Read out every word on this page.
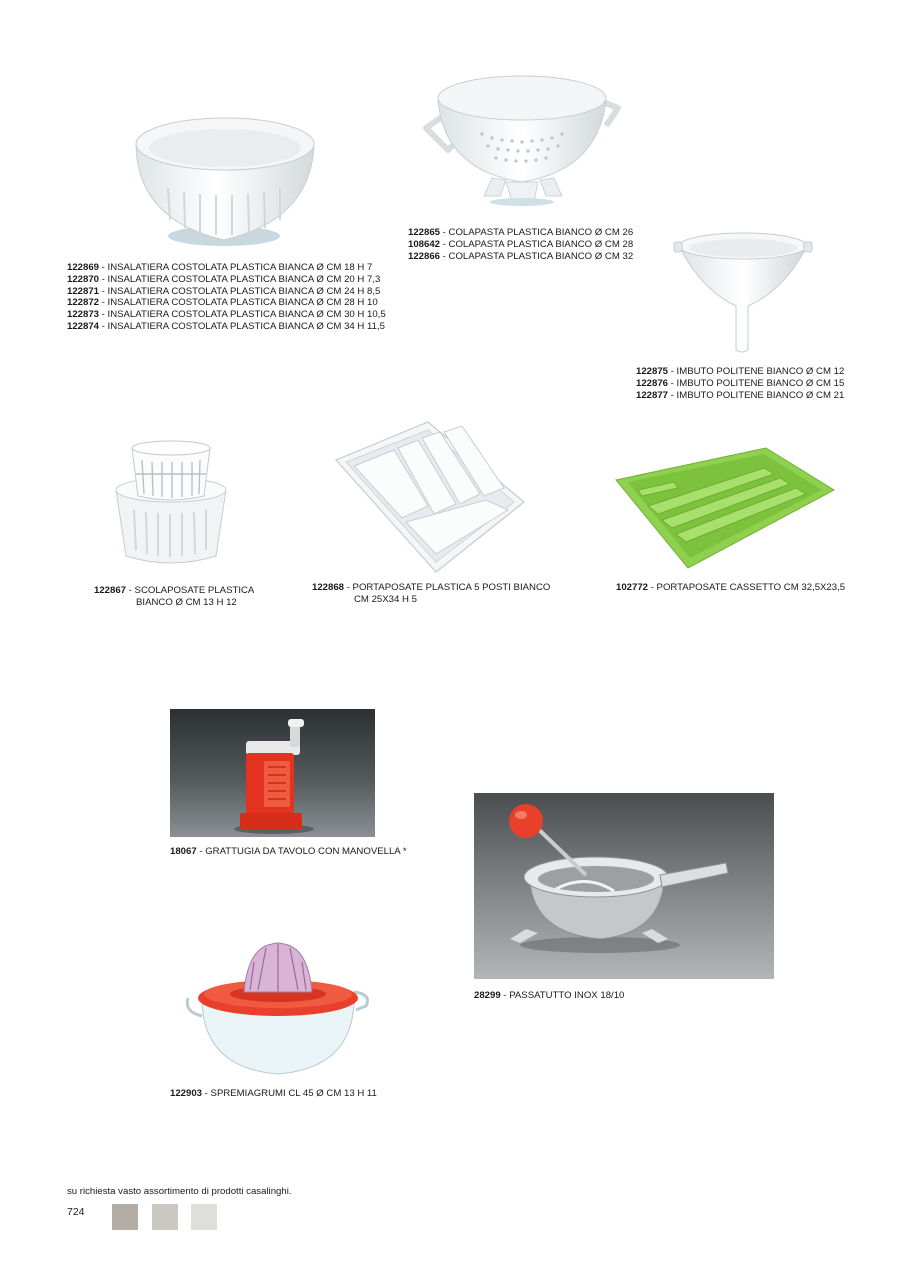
122869 - INSALATIERA COSTOLATA PLASTICA BIANCA Ø CM 18 H 7
122870 - INSALATIERA COSTOLATA PLASTICA BIANCA Ø CM 20 H 7,3
122871 - INSALATIERA COSTOLATA PLASTICA BIANCA Ø CM 24 H 8,5
122872 - INSALATIERA COSTOLATA PLASTICA BIANCA Ø CM 28 H 10
122873 - INSALATIERA COSTOLATA PLASTICA BIANCA Ø CM 30 H 10,5
122874 - INSALATIERA COSTOLATA PLASTICA BIANCA Ø CM 34 H 11,5
122865 - COLAPASTA PLASTICA BIANCO Ø CM 26
108642 - COLAPASTA PLASTICA BIANCO Ø CM 28
122866 - COLAPASTA PLASTICA BIANCO Ø CM 32
122875 - IMBUTO POLITENE BIANCO Ø CM 12
122876 - IMBUTO POLITENE BIANCO Ø CM 15
122877 - IMBUTO POLITENE BIANCO Ø CM 21
122867 - SCOLAPOSATE PLASTICA
BIANCO Ø CM 13 H 12
122868 - PORTAPOSATE PLASTICA 5 POSTI BIANCO
CM 25X34 H 5
102772 - PORTAPOSATE CASSETTO CM 32,5X23,5
18067 - GRATTUGIA DA TAVOLO CON MANOVELLA *
28299 - PASSATUTTO INOX 18/10
122903 - SPREMIAGRUMI CL 45 Ø CM 13 H 11
su richiesta vasto assortimento di prodotti casalinghi.
724
